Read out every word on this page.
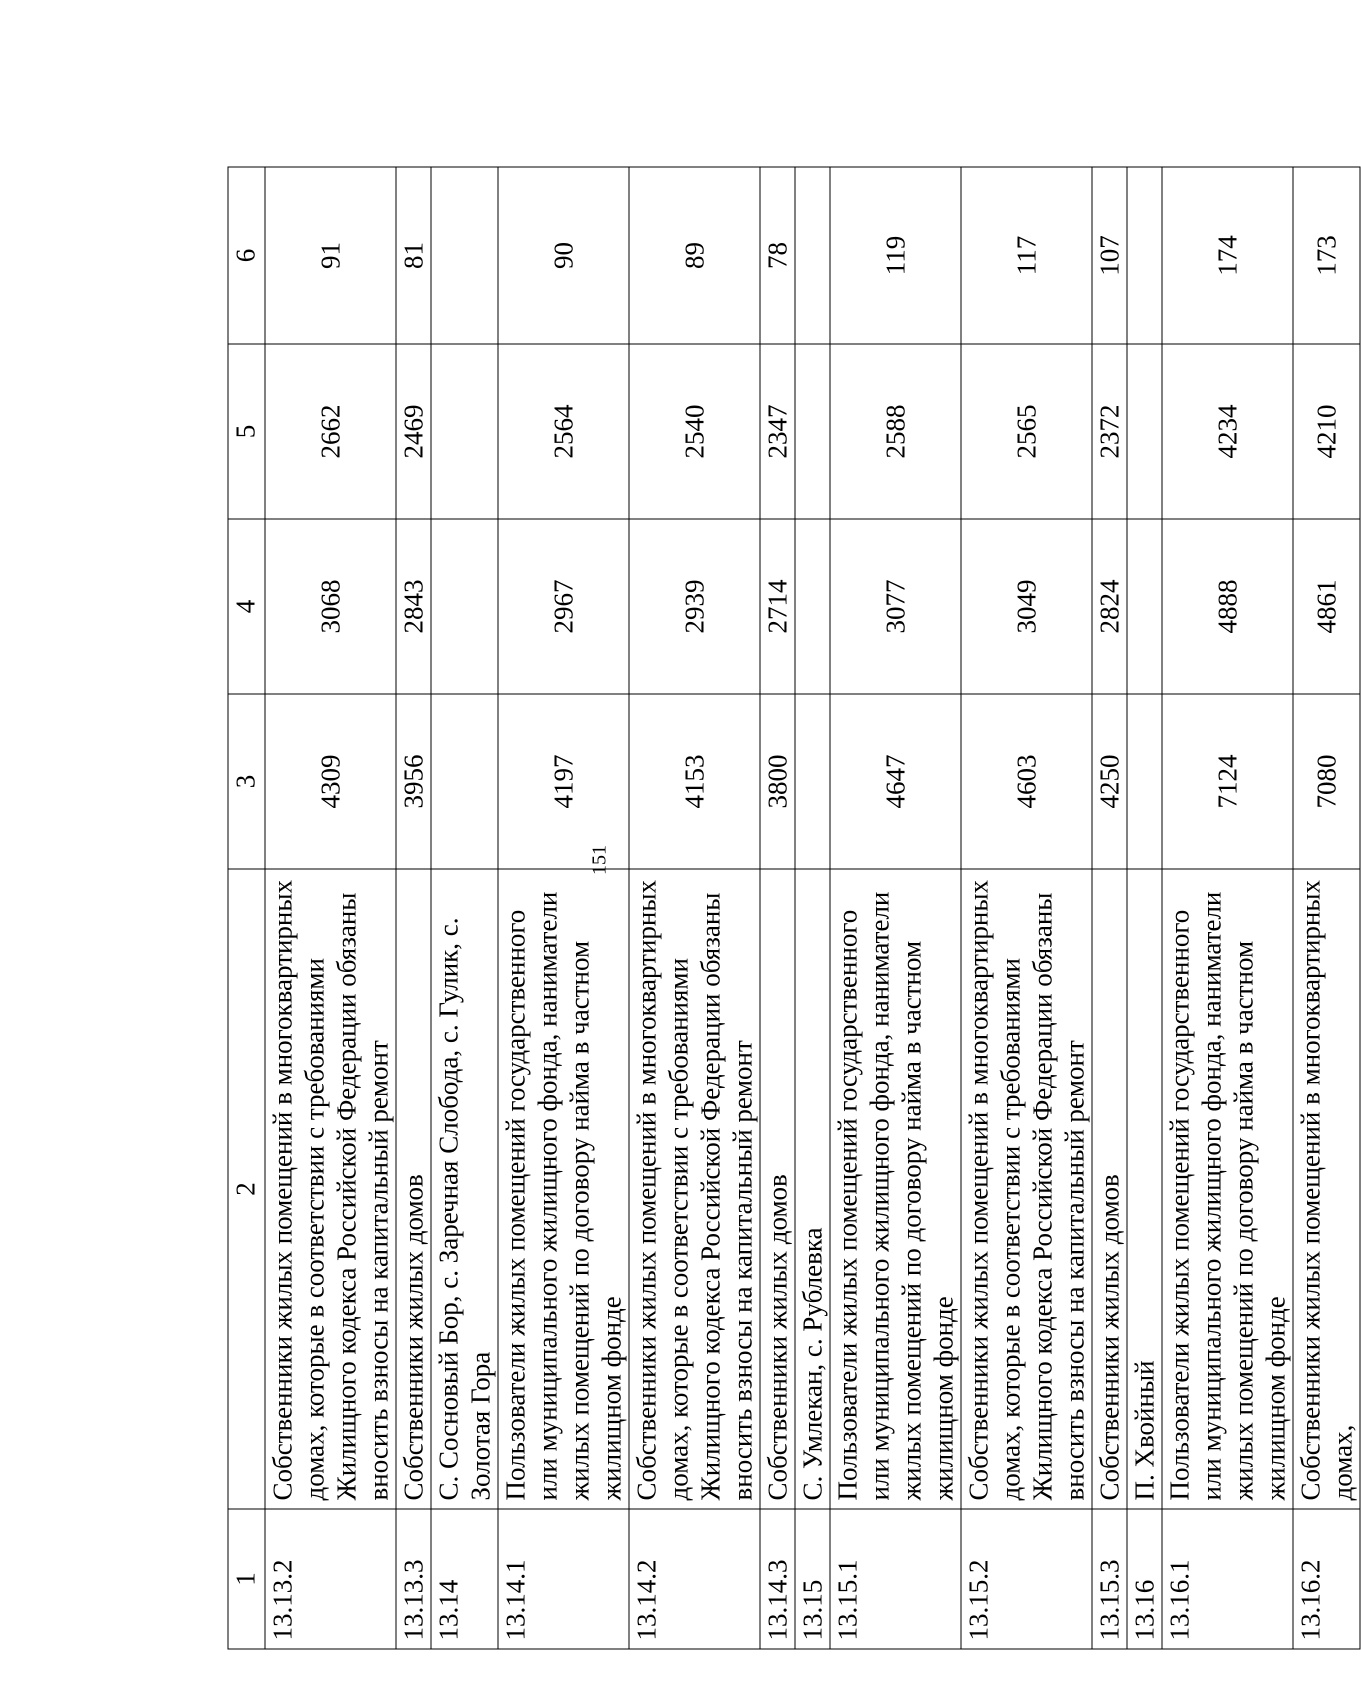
151
1	2	3	4	5	6
13.13.2	Собственники жилых помещений в многоквартирных домах, которые в соответствии с требованиями Жилищного кодекса Российской Федерации обязаны вносить взносы на капитальный ремонт	4309	3068	2662	91
13.13.3	Собственники жилых домов	3956	2843	2469	81
13.14	С. Сосновый Бор, с. Заречная Слобода, с. Гулик, с. Золотая Гора				
13.14.1	Пользователи жилых помещений государственного или муниципального жилищного фонда, наниматели жилых помещений по договору найма в частном жилищном фонде	4197	2967	2564	90
13.14.2	Собственники жилых помещений в многоквартирных домах, которые в соответствии с требованиями Жилищного кодекса Российской Федерации обязаны вносить взносы на капитальный ремонт	4153	2939	2540	89
13.14.3	Собственники жилых домов	3800	2714	2347	78
13.15	С. Умлекан, с. Рублевка				
13.15.1	Пользователи жилых помещений государственного или муниципального жилищного фонда, наниматели жилых помещений по договору найма в частном жилищном фонде	4647	3077	2588	119
13.15.2	Собственники жилых помещений в многоквартирных домах, которые в соответствии с требованиями Жилищного кодекса Российской Федерации обязаны вносить взносы на капитальный ремонт	4603	3049	2565	117
13.15.3	Собственники жилых домов	4250	2824	2372	107
13.16	П. Хвойный				
13.16.1	Пользователи жилых помещений государственного или муниципального жилищного фонда, наниматели жилых помещений по договору найма в частном жилищном фонде	7124	4888	4234	174
13.16.2	Собственники жилых помещений в многоквартирных домах,	7080	4861	4210	173
